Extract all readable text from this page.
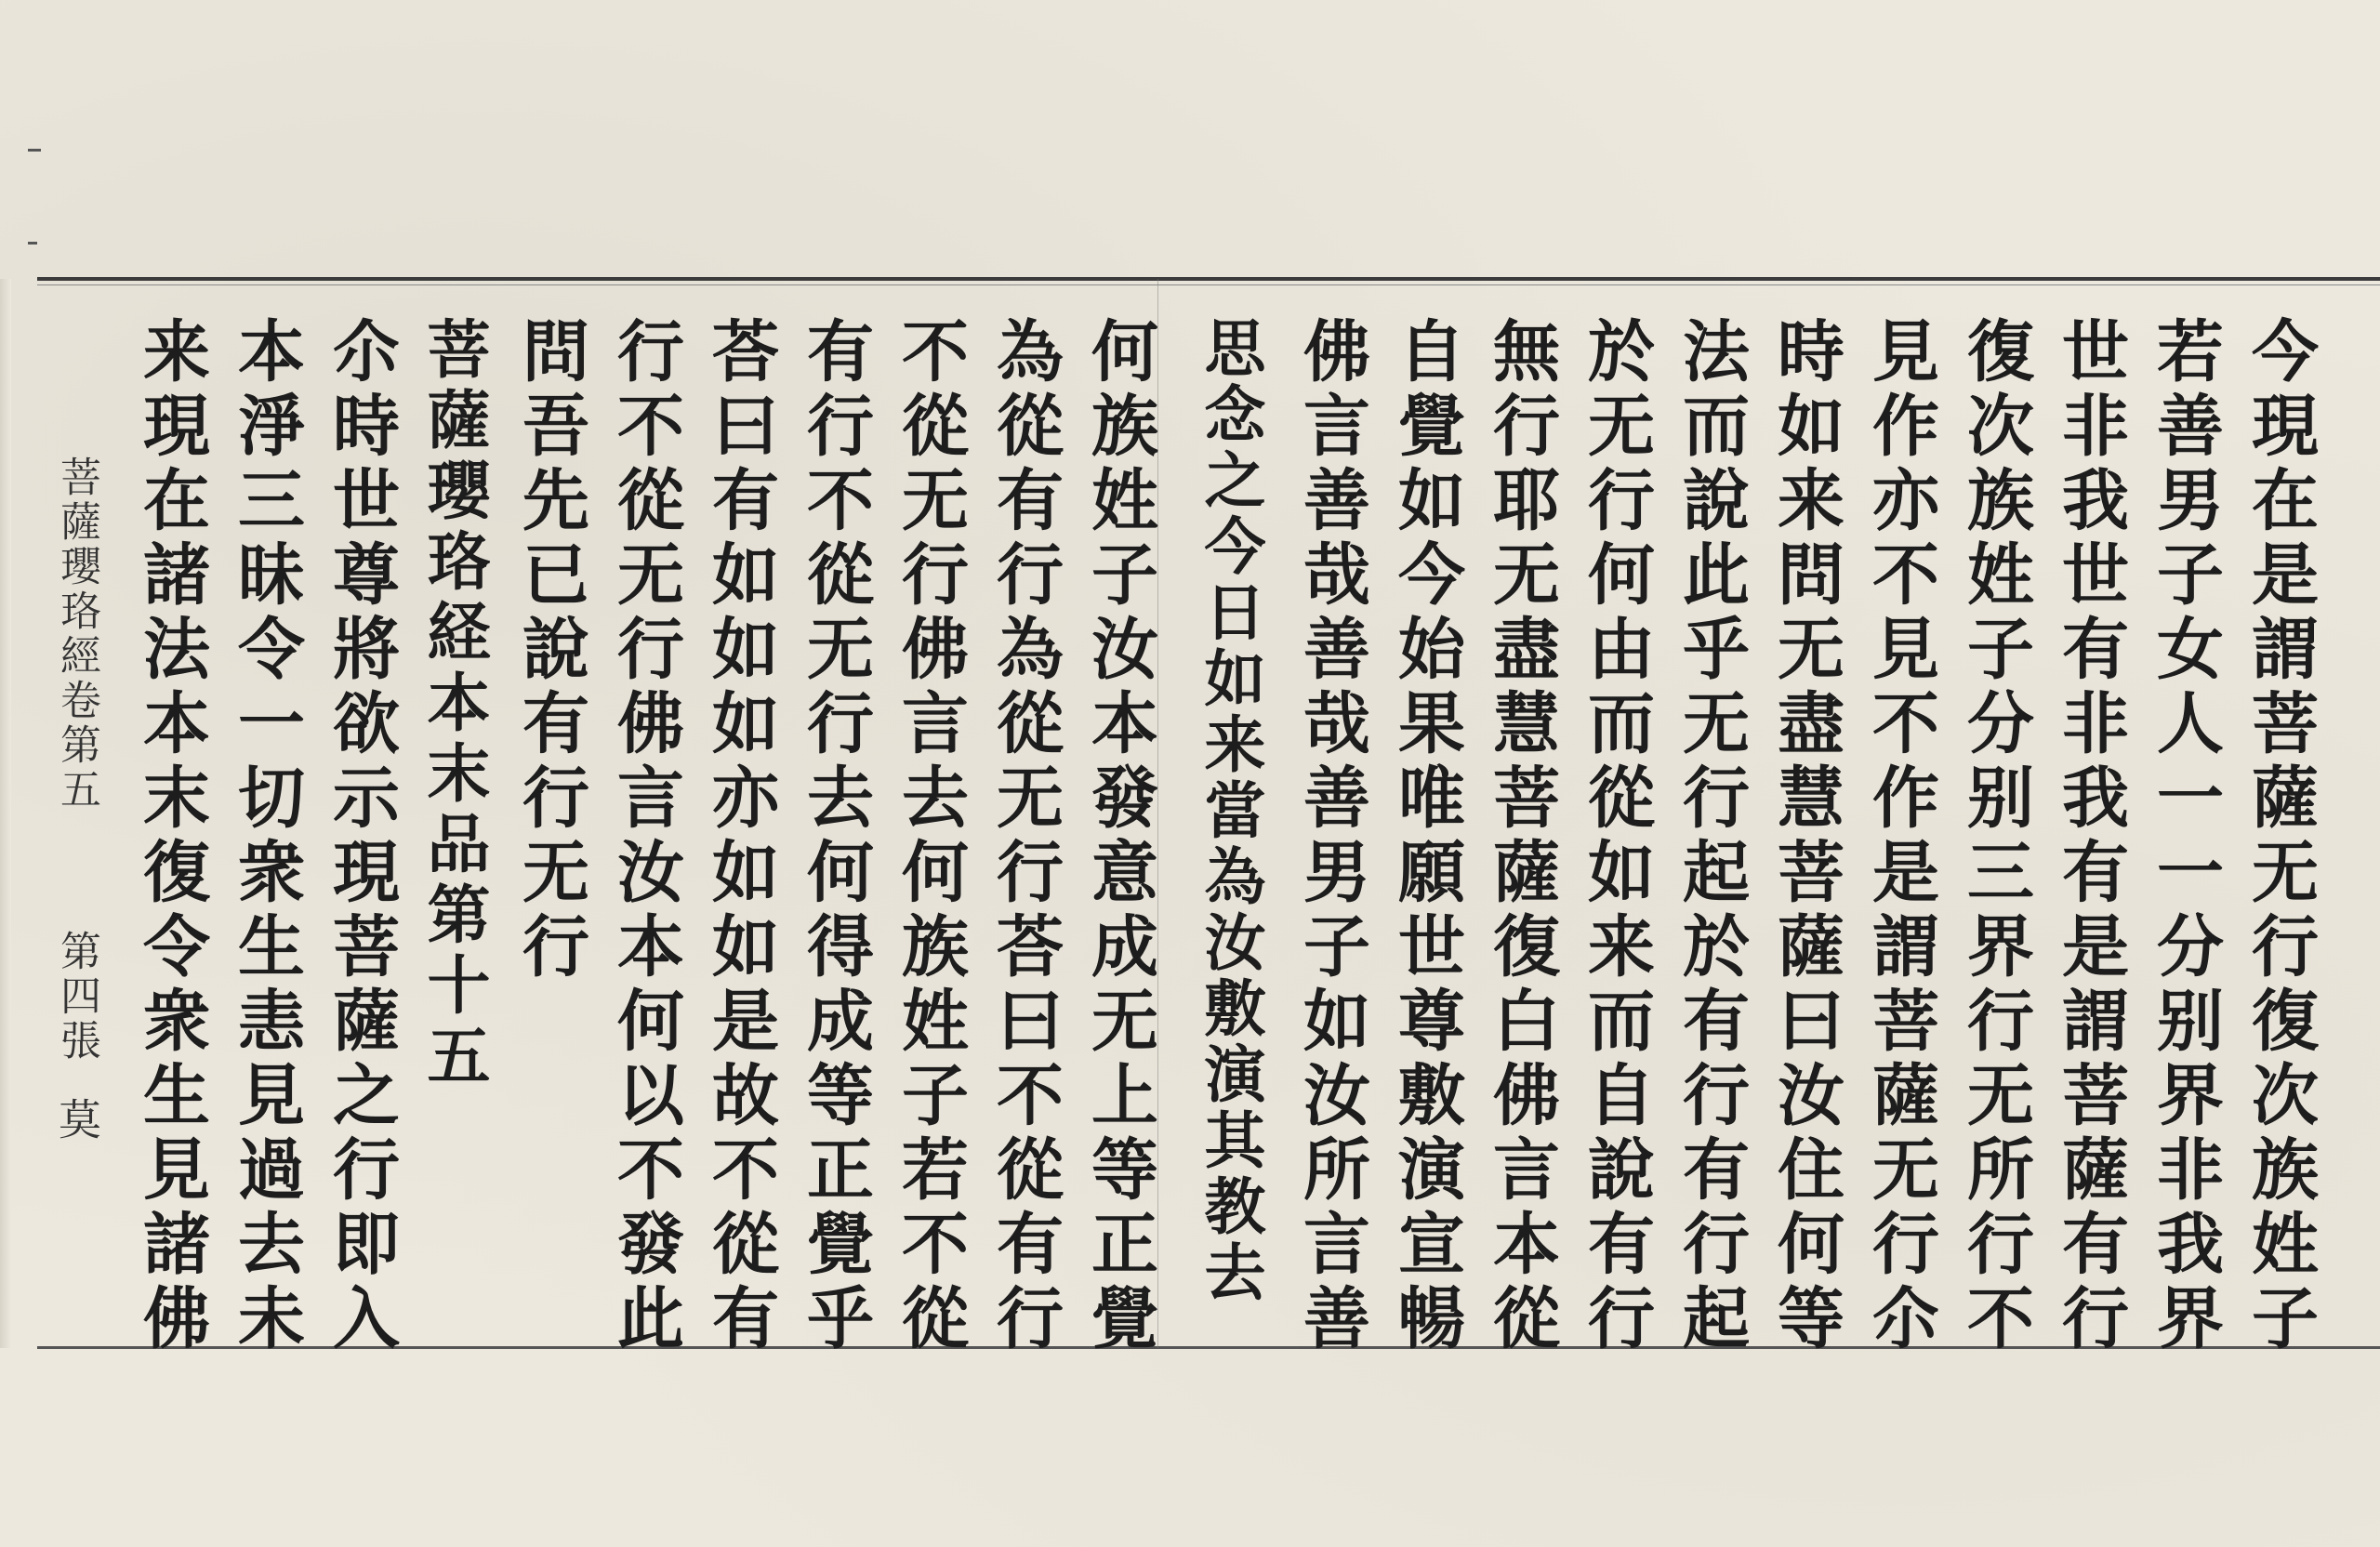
今現在是謂菩薩无行復次族姓子
若善男子女人一一分别界非我界
世非我世有非我有是謂菩薩有行
復次族姓子分别三界行无所行不
見作亦不見不作是謂菩薩无行尒
時如来問无盡慧菩薩曰汝住何等
法而說此乎无行起於有行有行起
於无行何由而從如来而自說有行
無行耶无盡慧菩薩復白佛言本從
自覺如今始果唯願世尊敷演宣暢
佛言善哉善哉善男子如汝所言善
思念之今日如来當為汝敷演其教去
何族姓子汝本發意成无上等正覺
為從有行為從无行荅曰不從有行
不從无行佛言去何族姓子若不從
有行不從无行去何得成等正覺乎
荅曰有如如如亦如如是故不從有
行不從无行佛言汝本何以不發此
問吾先已說有行无行
菩薩瓔珞経本末品第十五
尒時世尊將欲示現菩薩之行即入
本淨三昧令一切衆生恚見過去未
来現在諸法本末復令衆生見諸佛
菩薩瓔珞經卷第五
第四張
莫
